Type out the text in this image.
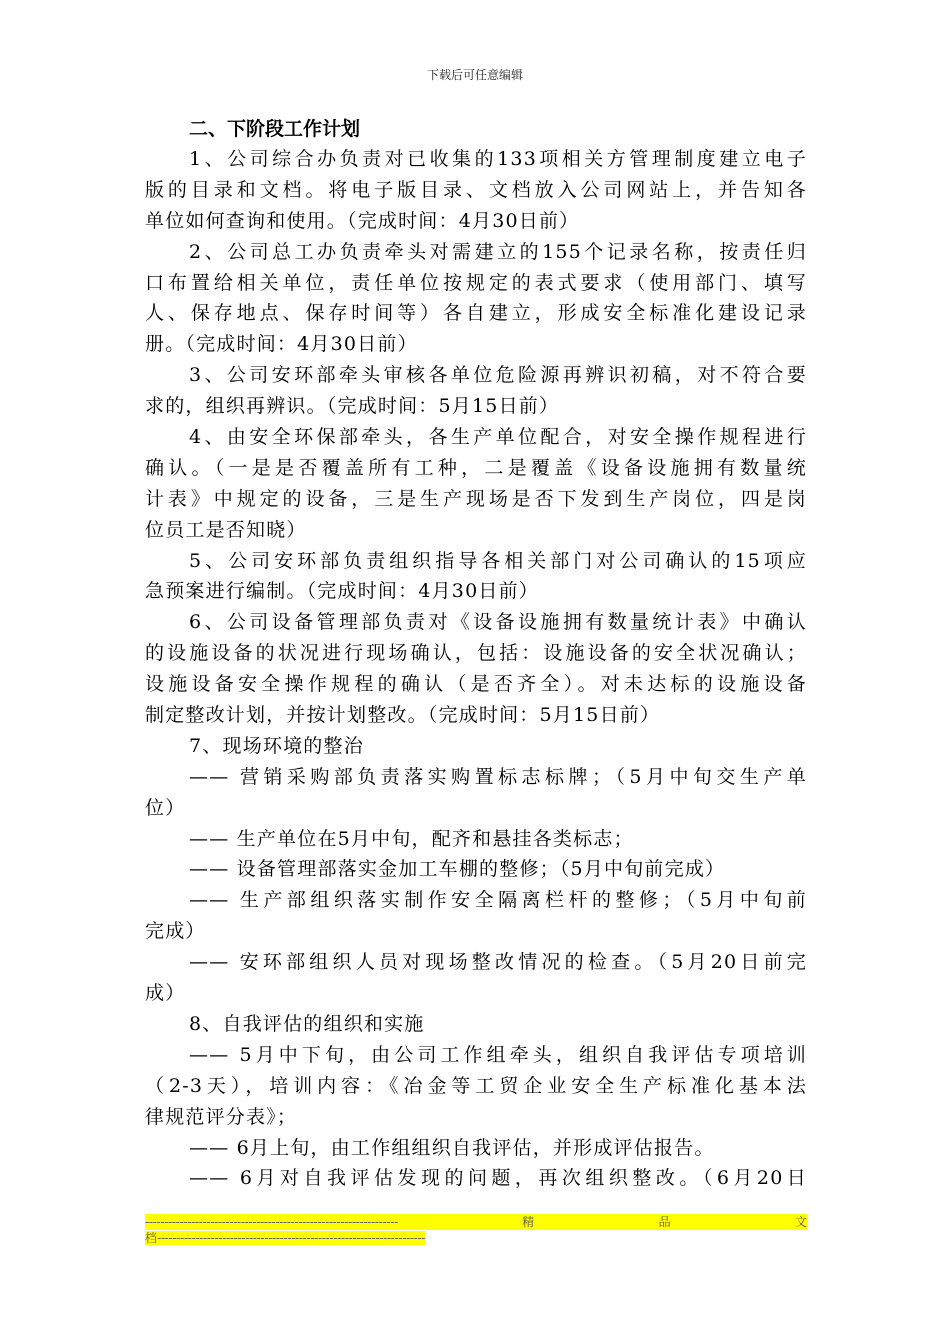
下载后可任意编辑
二、下阶段工作计划
1、公司综合办负责对已收集的133项相关方管理制度建立电子
版的目录和文档。将电子版目录、文档放入公司网站上，并告知各
单位如何查询和使用。（完成时间：4月30日前）
2、公司总工办负责牵头对需建立的155个记录名称，按责任归
口布置给相关单位，责任单位按规定的表式要求（使用部门、填写
人、保存地点、保存时间等）各自建立，形成安全标准化建设记录
册。（完成时间：4月30日前）
3、公司安环部牵头审核各单位危险源再辨识初稿，对不符合要
求的，组织再辨识。（完成时间：5月15日前）
4、由安全环保部牵头，各生产单位配合，对安全操作规程进行
确认。（一是是否覆盖所有工种，二是覆盖《设备设施拥有数量统
计表》中规定的设备，三是生产现场是否下发到生产岗位，四是岗
位员工是否知晓）
5、公司安环部负责组织指导各相关部门对公司确认的15项应
急预案进行编制。（完成时间：4月30日前）
6、公司设备管理部负责对《设备设施拥有数量统计表》中确认
的设施设备的状况进行现场确认，包括：设施设备的安全状况确认；
设施设备安全操作规程的确认（是否齐全）。对未达标的设施设备
制定整改计划，并按计划整改。（完成时间：5月15日前）
7、现场环境的整治
—— 营销采购部负责落实购置标志标牌；（5月中旬交生产单
位）
—— 生产单位在5月中旬，配齐和悬挂各类标志；
—— 设备管理部落实金加工车棚的整修；（5月中旬前完成）
—— 生产部组织落实制作安全隔离栏杆的整修；（5月中旬前
完成）
—— 安环部组织人员对现场整改情况的检查。（5月20日前完
成）
8、自我评估的组织和实施
—— 5月中下旬，由公司工作组牵头，组织自我评估专项培训
（2-3天），培训内容：《冶金等工贸企业安全生产标准化基本法
律规范评分表》；
—— 6月上旬，由工作组组织自我评估，并形成评估报告。
—— 6月对自我评估发现的问题，再次组织整改。（6月20日
------------------------------------------------------------------	精	品	文
档----------------------------------------------------------------------
